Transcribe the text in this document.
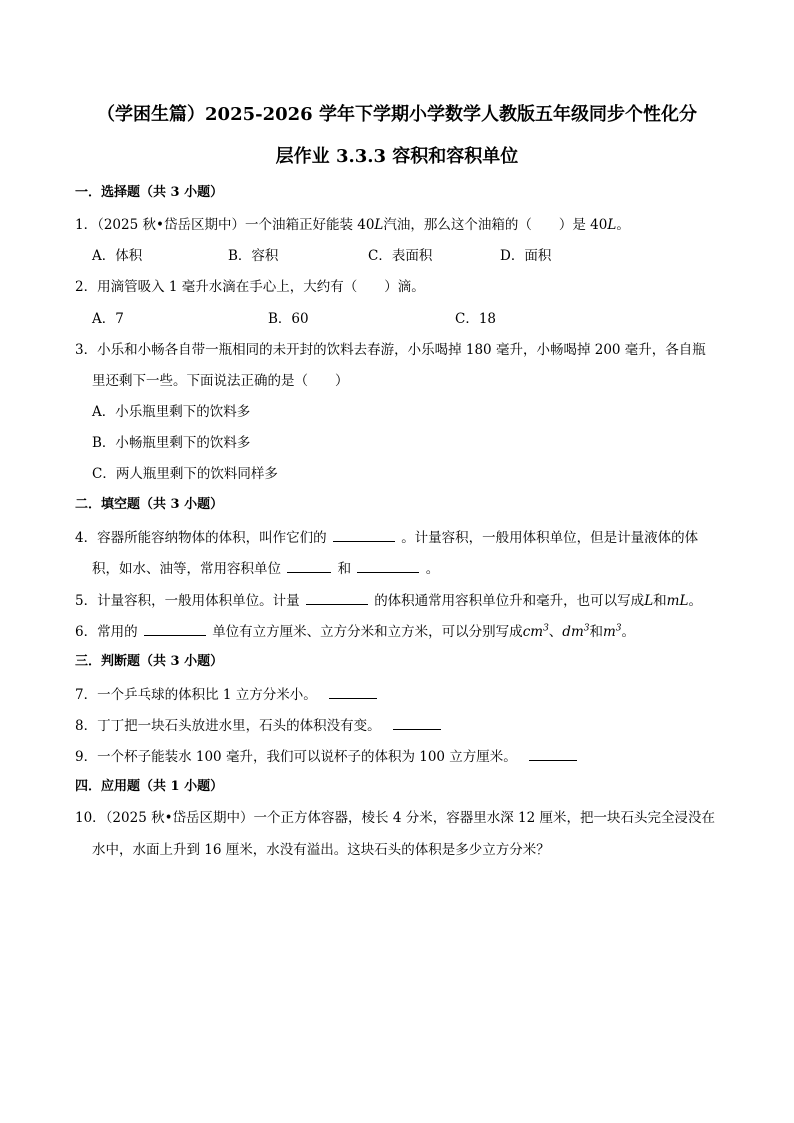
（学困生篇）2025-2026 学年下学期小学数学人教版五年级同步个性化分
层作业 3.3.3 容积和容积单位
一．选择题（共 3 小题）
1．（2025 秋•岱岳区期中）一个油箱正好能装 40L汽油，那么这个油箱的（　　）是 40L。
A．体积	B．容积	C．表面积	D．面积
2．用滴管吸入 1 毫升水滴在手心上，大约有（　　）滴。
A．7	B．60	C．18
3．小乐和小畅各自带一瓶相同的未开封的饮料去春游，小乐喝掉 180 毫升，小畅喝掉 200 毫升，各自瓶
里还剩下一些。下面说法正确的是（　　）
A．小乐瓶里剩下的饮料多
B．小畅瓶里剩下的饮料多
C．两人瓶里剩下的饮料同样多
二．填空题（共 3 小题）
4．容器所能容纳物体的体积，叫作它们的	。计量容积，一般用体积单位，但是计量液体的体
积，如水、油等，常用容积单位	和	。
5．计量容积，一般用体积单位。计量	的体积通常用容积单位升和毫升，也可以写成L和mL。
6．常用的	单位有立方厘米、立方分米和立方米，可以分别写成$cm^3$、$dm^3$和$m^3$。
三．判断题（共 3 小题）
7．一个乒乓球的体积比 1 立方分米小。
8．丁丁把一块石头放进水里，石头的体积没有变。
9．一个杯子能装水 100 毫升，我们可以说杯子的体积为 100 立方厘米。
四．应用题（共 1 小题）
10．（2025 秋•岱岳区期中）一个正方体容器，棱长 4 分米，容器里水深 12 厘米，把一块石头完全浸没在
水中，水面上升到 16 厘米，水没有溢出。这块石头的体积是多少立方分米？
